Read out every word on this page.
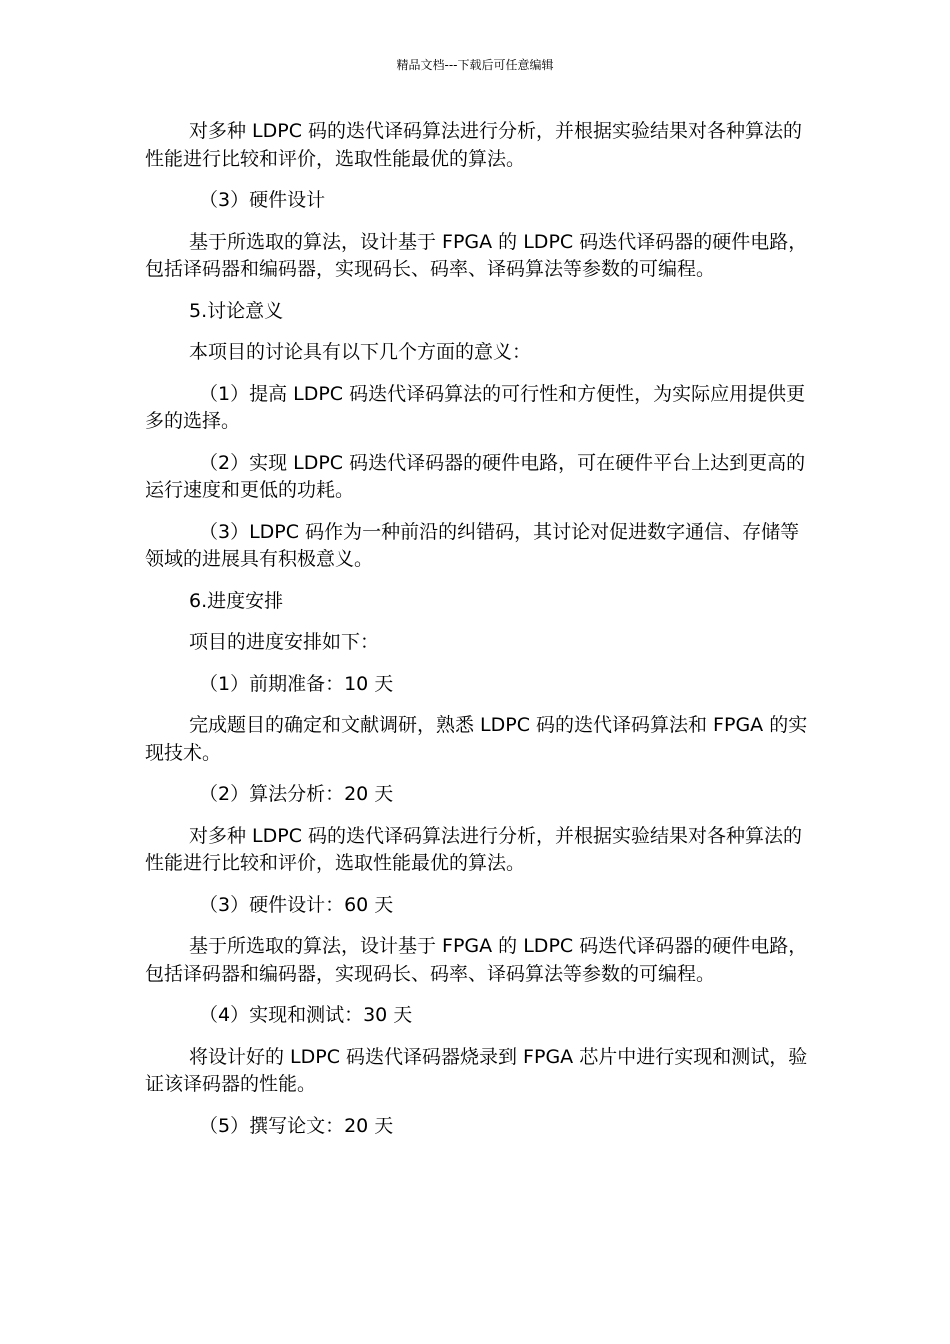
精品文档---下载后可任意编辑

对多种 LDPC 码的迭代译码算法进行分析，并根据实验结果对各种算法的性能进行比较和评价，选取性能最优的算法。

（3）硬件设计

基于所选取的算法，设计基于 FPGA 的 LDPC 码迭代译码器的硬件电路，包括译码器和编码器，实现码长、码率、译码算法等参数的可编程。

5.讨论意义

本项目的讨论具有以下几个方面的意义：

（1）提高 LDPC 码迭代译码算法的可行性和方便性，为实际应用提供更多的选择。

（2）实现 LDPC 码迭代译码器的硬件电路，可在硬件平台上达到更高的运行速度和更低的功耗。

（3）LDPC 码作为一种前沿的纠错码，其讨论对促进数字通信、存储等领域的进展具有积极意义。

6.进度安排

项目的进度安排如下：

（1）前期准备：10 天

完成题目的确定和文献调研，熟悉 LDPC 码的迭代译码算法和 FPGA 的实现技术。

（2）算法分析：20 天

对多种 LDPC 码的迭代译码算法进行分析，并根据实验结果对各种算法的性能进行比较和评价，选取性能最优的算法。

（3）硬件设计：60 天

基于所选取的算法，设计基于 FPGA 的 LDPC 码迭代译码器的硬件电路，包括译码器和编码器，实现码长、码率、译码算法等参数的可编程。

（4）实现和测试：30 天

将设计好的 LDPC 码迭代译码器烧录到 FPGA 芯片中进行实现和测试，验证该译码器的性能。

（5）撰写论文：20 天
